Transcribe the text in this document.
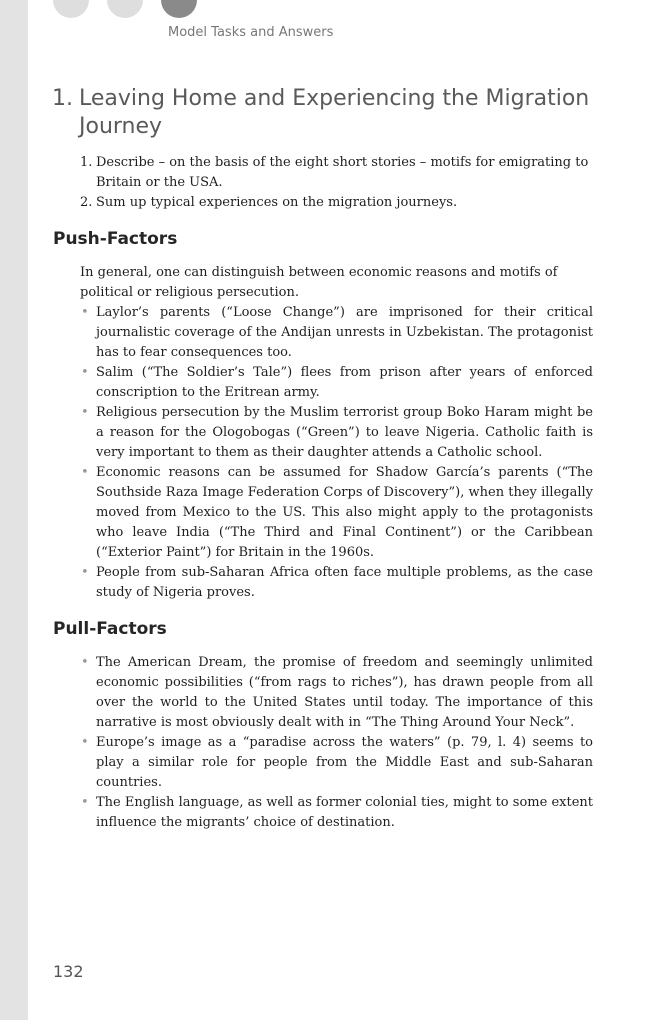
Model Tasks and Answers
1. Leaving Home and Experiencing the Migration Journey
1. Describe – on the basis of the eight short stories – motifs for emigrating to Britain or the USA.
2. Sum up typical experiences on the migration journeys.
Push-Factors

In general, one can distinguish between economic reasons and motifs of political or religious persecution.

• Laylor’s parents (“Loose Change”) are imprisoned for their critical journalistic coverage of the Andijan unrests in Uzbekistan. The protagonist has to fear consequences too.
• Salim (“The Soldier’s Tale”) flees from prison after years of enforced conscription to the Eritrean army.
• Religious persecution by the Muslim terrorist group Boko Haram might be a reason for the Ologobogas (“Green”) to leave Nigeria. Catholic faith is very important to them as their daughter attends a Catholic school.
• Economic reasons can be assumed for Shadow García’s parents (“The Southside Raza Image Federation Corps of Discovery”), when they illegally moved from Mexico to the US. This also might apply to the protagonists who leave India (“The Third and Final Continent”) or the Caribbean (“Exterior Paint”) for Britain in the 1960s.
• People from sub-Saharan Africa often face multiple problems, as the case study of Nigeria proves.
Pull-Factors
• The American Dream, the promise of freedom and seemingly unlimited economic possibilities (“from rags to riches”), has drawn people from all over the world to the United States until today. The importance of this narrative is most obviously dealt with in “The Thing Around Your Neck”.
• Europe’s image as a “paradise across the waters” (p. 79, l. 4) seems to play a similar role for people from the Middle East and sub-Saharan countries.
• The English language, as well as former colonial ties, might to some extent influence the migrants’ choice of destination.
132
